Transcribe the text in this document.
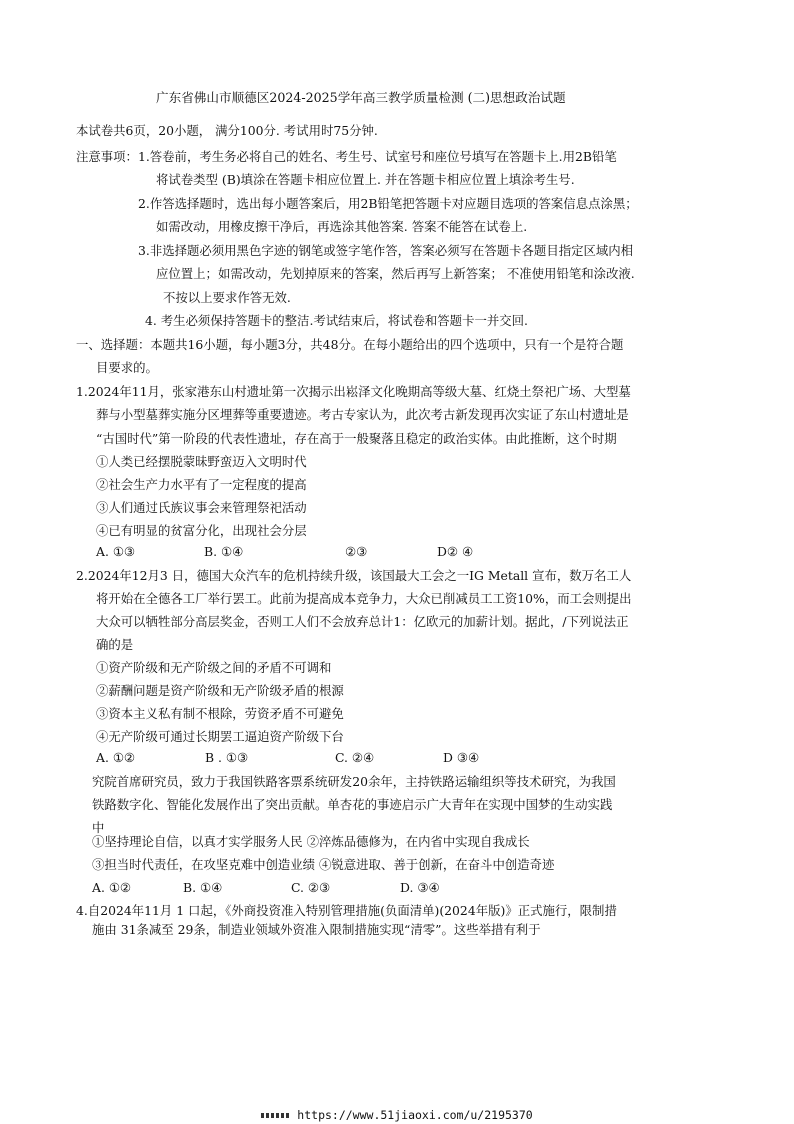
广东省佛山市顺德区2024-2025学年高三教学质量检测 (二)思想政治试题
本试卷共6页，20小题， 满分100分. 考试用时75分钟.
注意事项：1.答卷前，考生务必将自己的姓名、考生号、试室号和座位号填写在答题卡上.用2B铅笔
将试卷类型 (B)填涂在答题卡相应位置上. 并在答题卡相应位置上填涂考生号.
2.作答选择题时，选出每小题答案后，用2B铅笔把答题卡对应题目选项的答案信息点涂黑；
如需改动，用橡皮擦干净后，再选涂其他答案. 答案不能答在试卷上.
3.非选择题必须用黑色字迹的钢笔或签字笔作答，答案必须写在答题卡各题目指定区域内相
应位置上；如需改动，先划掉原来的答案，然后再写上新答案； 不准使用铅笔和涂改液.
不按以上要求作答无效.
4. 考生必须保持答题卡的整洁.考试结束后，将试卷和答题卡一并交回.
一、选择题：本题共16小题，每小题3分，共48分。在每小题给出的四个选项中，只有一个是符合题
目要求的。
1.2024年11月，张家港东山村遗址第一次揭示出崧泽文化晚期高等级大墓、红烧土祭祀广场、大型墓
葬与小型墓葬实施分区埋葬等重要遗迹。考古专家认为，此次考古新发现再次实证了东山村遗址是
“古国时代”第一阶段的代表性遗址，存在高于一般聚落且稳定的政治实体。由此推断，这个时期
①人类已经摆脱蒙昧野蛮迈入文明时代
②社会生产力水平有了一定程度的提高
③人们通过氏族议事会来管理祭祀活动
④已有明显的贫富分化，出现社会分层
A. ①③	B. ①④	②③	D② ④
2.2024年12月3 日，德国大众汽车的危机持续升级，该国最大工会之一IG Metall 宣布，数万名工人
将开始在全德各工厂举行罢工。此前为提高成本竞争力，大众已削减员工工资10%，而工会则提出
大众可以牺牲部分高层奖金，否则工人们不会放弃总计1：亿欧元的加薪计划。据此，/下列说法正
确的是
①资产阶级和无产阶级之间的矛盾不可调和
②薪酬问题是资产阶级和无产阶级矛盾的根源
③资本主义私有制不根除，劳资矛盾不可避免
④无产阶级可通过长期罢工逼迫资产阶级下台
A. ①②	B . ①③	C. ②④	D ③④
究院首席研究员，致力于我国铁路客票系统研发20余年，主持铁路运输组织等技术研究，为我国
铁路数字化、智能化发展作出了突出贡献。单杏花的事迹启示广大青年在实现中国梦的生动实践
中
①坚持理论自信，以真才实学服务人民 ②淬炼品德修为，在内省中实现自我成长
③担当时代责任，在攻坚克难中创造业绩 ④锐意进取、善于创新，在奋斗中创造奇迹
A. ①②	B. ①④	C. ②③	D. ③④
4.自2024年11月 1 口起，《外商投资准入特别管理措施(负面清单)(2024年版)》正式施行，限制措
施由 31条减至 29条，制造业领域外资准入限制措施实现“清零”。这些举措有利于
https://www.51jiaoxi.com/u/2195370
